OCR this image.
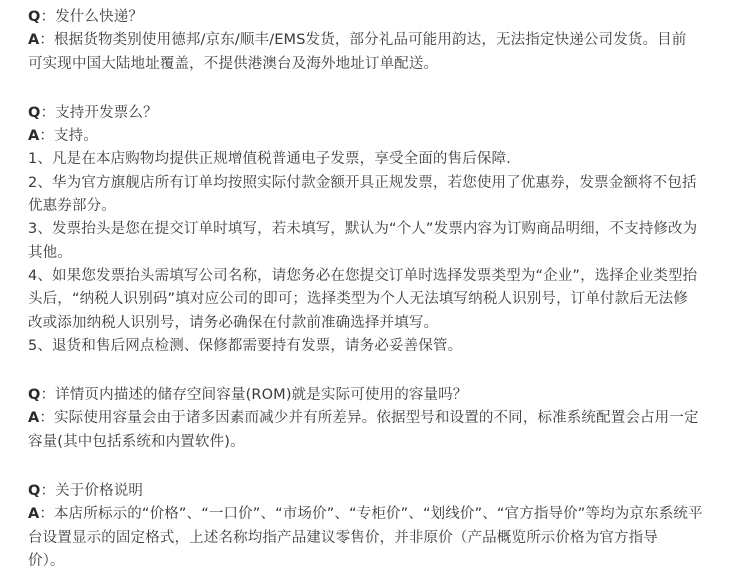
Q：发什么快递？
A：根据货物类别使用德邦/京东/顺丰/EMS发货，部分礼品可能用韵达，无法指定快递公司发货。目前
可实现中国大陆地址覆盖，不提供港澳台及海外地址订单配送。
Q：支持开发票么？
A：支持。
1、凡是在本店购物均提供正规增值税普通电子发票，享受全面的售后保障.
2、华为官方旗舰店所有订单均按照实际付款金额开具正规发票，若您使用了优惠券，发票金额将不包括
优惠券部分。
3、发票抬头是您在提交订单时填写，若未填写，默认为“个人”发票内容为订购商品明细，不支持修改为
其他。
4、如果您发票抬头需填写公司名称，请您务必在您提交订单时选择发票类型为“企业”，选择企业类型抬
头后，“纳税人识别码”填对应公司的即可；选择类型为个人无法填写纳税人识别号，订单付款后无法修
改或添加纳税人识别号，请务必确保在付款前准确选择并填写。
5、退货和售后网点检测、保修都需要持有发票，请务必妥善保管。
Q：详情页内描述的储存空间容量(ROM)就是实际可使用的容量吗？
A：实际使用容量会由于诸多因素而减少并有所差异。依据型号和设置的不同，标准系统配置会占用一定
容量(其中包括系统和内置软件)。
Q：关于价格说明
A：本店所标示的“价格”、“一口价”、“市场价”、“专柜价”、“划线价”、“官方指导价”等均为京东系统平
台设置显示的固定格式，上述名称均指产品建议零售价，并非原价（产品概览所示价格为官方指导
价）。
